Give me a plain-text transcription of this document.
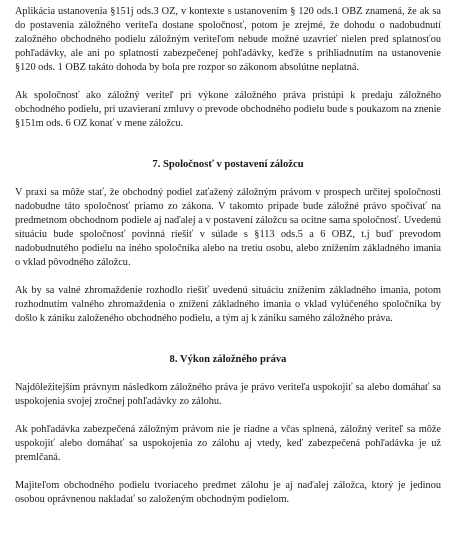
Aplikácia ustanovenia §151j ods.3 OZ, v kontexte s ustanovením § 120 ods.1 OBZ znamená, že ak sa do postavenia záložného veriteľa dostane spoločnosť, potom je zrejmé, že dohodu o nadobudnutí založného obchodného podielu záložným veriteľom nebude možné uzavrieť nielen pred splatnosťou pohľadávky, ale ani po splatnosti zabezpečenej pohľadávky, keďže s prihliadnutím na ustanovenie §120 ods. 1 OBZ takáto dohoda by bola pre rozpor so zákonom absolútne neplatná.

Ak spoločnosť ako záložný veriteľ pri výkone záložného práva pristúpi k predaju záložného obchodného podielu, pri uzavieraní zmluvy o prevode obchodného podielu bude s poukazom na znenie §151m ods. 6 OZ konať v mene záložcu.

7. Spoločnosť v postavení záložcu

V praxi sa môže stať, že obchodný podiel zaťažený záložným právom v prospech určitej spoločnosti nadobudne táto spoločnosť priamo zo zákona. V takomto prípade bude záložné právo spočívať na predmetnom obchodnom podiele aj naďalej a v postavení záložcu sa ocitne sama spoločnosť. Uvedenú situáciu bude spoločnosť povinná riešiť v súlade s §113 ods.5 a 6 OBZ, t.j buď prevodom nadobudnutého podielu na iného spoločníka alebo na tretiu osobu, alebo znížením základného imania o vklad pôvodného záložcu.

Ak by sa valné zhromaždenie rozhodlo riešiť uvedenú situáciu znížením základného imania, potom rozhodnutím valného zhromaždenia o znížení základného imania o vklad vylúčeného spoločníka by došlo k zániku založeného obchodného podielu, a tým aj k zániku samého záložného práva.

8. Výkon záložného práva

Najdôležitejším právnym následkom záložného práva je právo veriteľa uspokojiť sa alebo domáhať sa uspokojenia svojej zročnej pohľadávky zo zálohu.

Ak pohľadávka zabezpečená záložným právom nie je riadne a včas splnená, záložný veriteľ sa môže uspokojiť alebo domáhať sa uspokojenia zo zálohu aj vtedy, keď zabezpečená pohľadávka je už premlčaná.

Majiteľom obchodného podielu tvoriaceho predmet zálohu je aj naďalej záložca, ktorý je jedinou osobou oprávnenou nakladať so založeným obchodným podielom.
